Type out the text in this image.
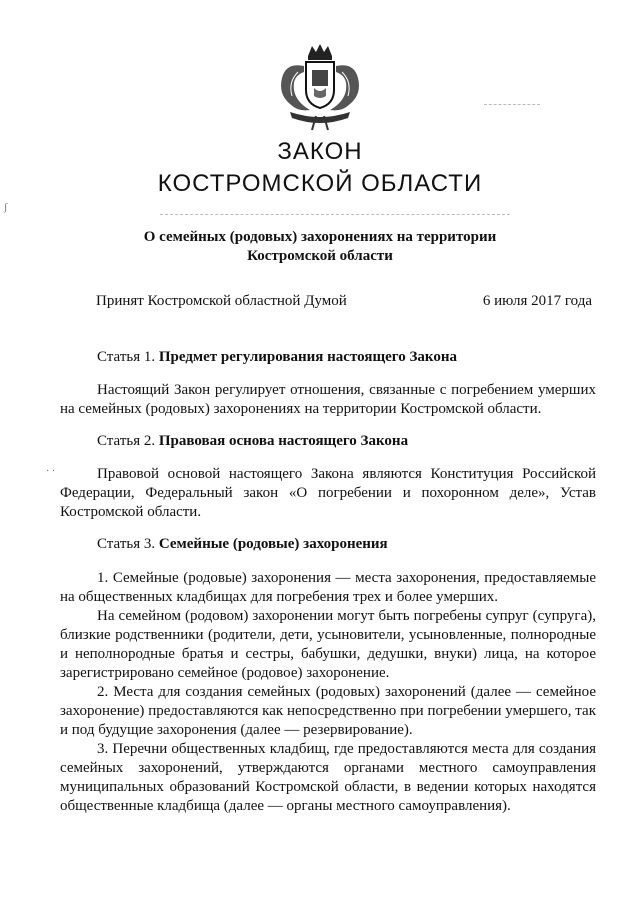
ʃ
ЗАКОН
КОСТРОМСКОЙ ОБЛАСТИ
О семейных (родовых) захоронениях на территории
Костромской области
Принят Костромской областной Думой	6 июля 2017 года
Статья 1. Предмет регулирования настоящего Закона

Настоящий Закон регулирует отношения, связанные с погребением умерших на семейных (родовых) захоронениях на территории Костромской области.

Статья 2. Правовая основа настоящего Закона

Правовой основой настоящего Закона являются Конституция Российской Федерации, Федеральный закон «О погребении и похоронном деле», Устав Костромской области.

· ·
Статья 3. Семейные (родовые) захоронения

1. Семейные (родовые) захоронения — места захоронения, предоставляемые на общественных кладбищах для погребения трех и более умерших.

На семейном (родовом) захоронении могут быть погребены супруг (супруга), близкие родственники (родители, дети, усыновители, усыновленные, полнородные и неполнородные братья и сестры, бабушки, дедушки, внуки) лица, на которое зарегистрировано семейное (родовое) захоронение.

2. Места для создания семейных (родовых) захоронений (далее — семейное захоронение) предоставляются как непосредственно при погребении умершего, так и под будущие захоронения (далее — резервирование).

3. Перечни общественных кладбищ, где предоставляются места для создания семейных захоронений, утверждаются органами местного самоуправления муниципальных образований Костромской области, в ведении которых находятся общественные кладбища (далее — органы местного самоуправления).
